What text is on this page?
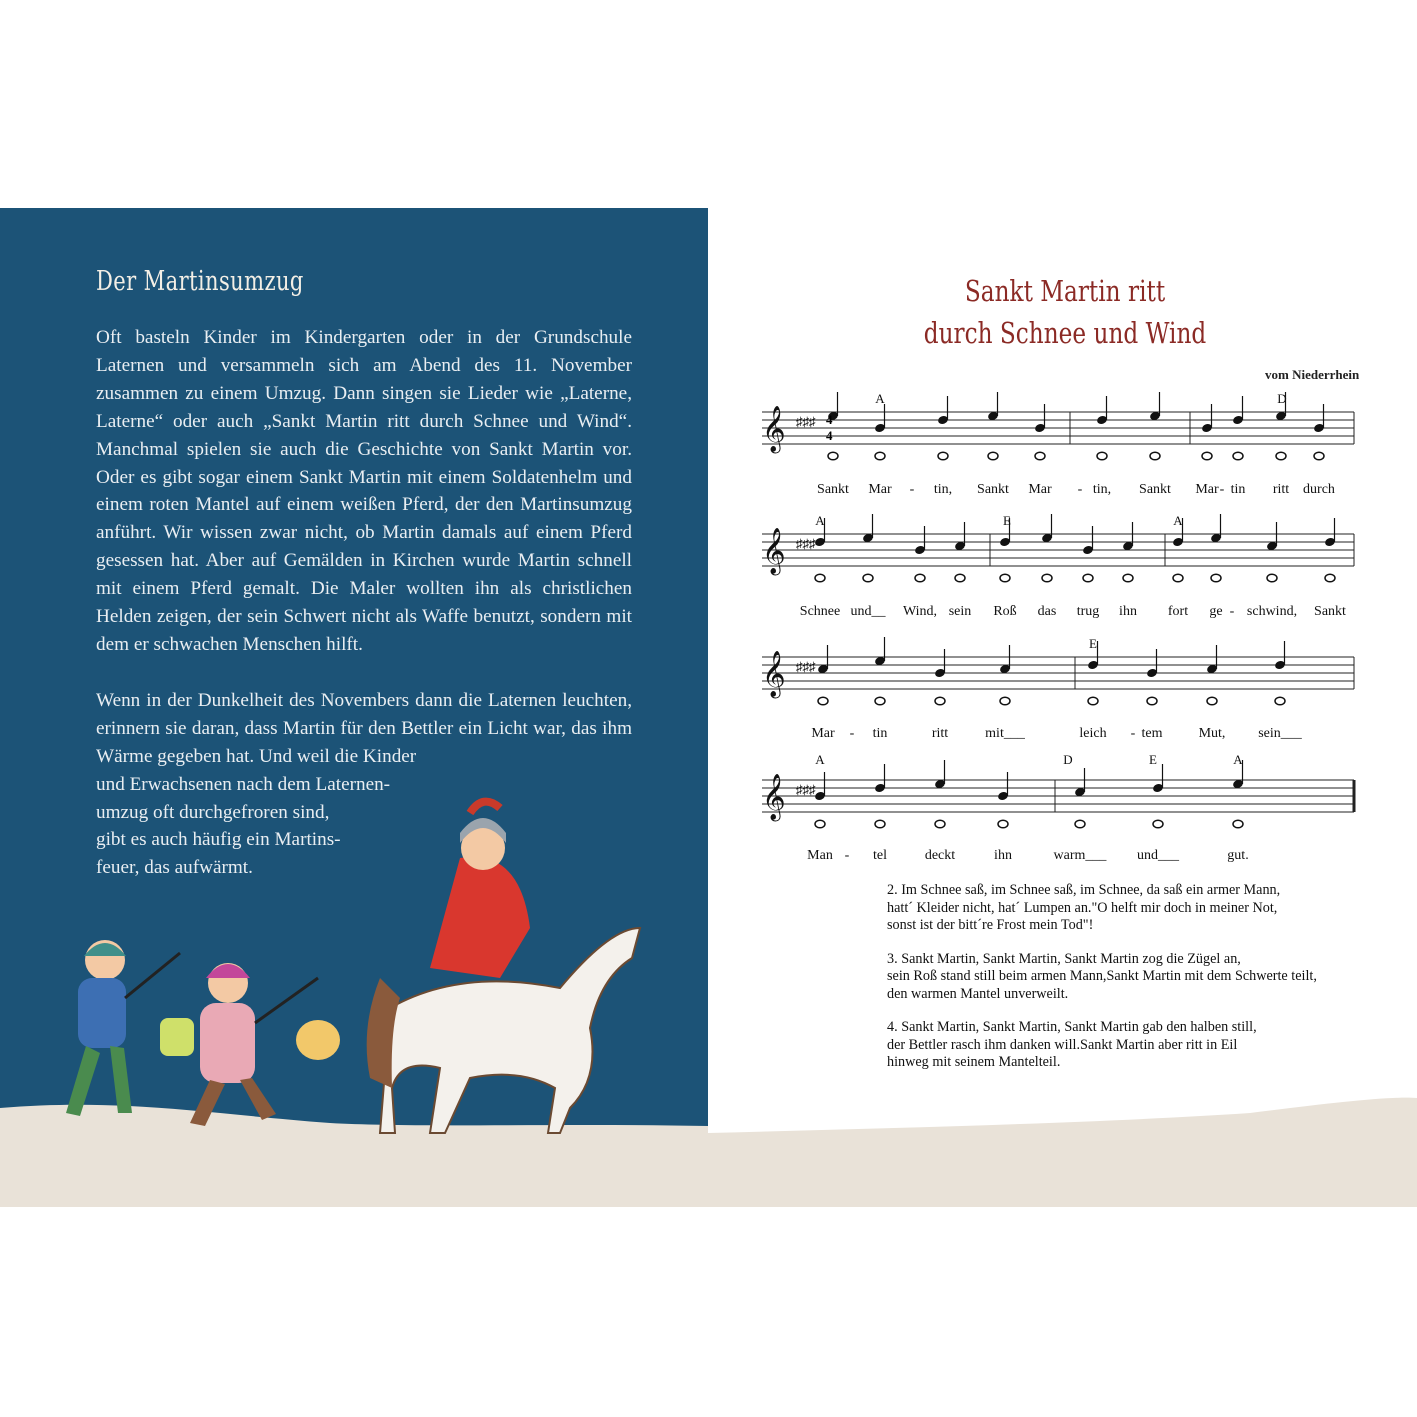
Der Martinsumzug

Oft basteln Kinder im Kindergarten oder in der Grundschule Laternen und versammeln sich am Abend des 11. November zusammen zu einem Umzug. Dann singen sie Lieder wie „Laterne, Laterne“ oder auch „Sankt Martin ritt durch Schnee und Wind“. Manchmal spielen sie auch die Geschichte von Sankt Martin vor. Oder es gibt sogar einem Sankt Martin mit einem Soldatenhelm und einem roten Mantel auf einem weißen Pferd, der den Martinsumzug anführt. Wir wissen zwar nicht, ob Martin damals auf einem Pferd gesessen hat. Aber auf Gemälden in Kirchen wurde Martin schnell mit einem Pferd gemalt. Die Maler wollten ihn als christlichen Helden zeigen, der sein Schwert nicht als Waffe benutzt, sondern mit dem er schwachen Menschen hilft.

Wenn in der Dunkelheit des Novembers dann die Laternen leuchten, erinnern sie daran, dass Martin für den Bettler ein Licht war, das ihm Wärme gegeben hat. Und weil die Kinder

und Erwachsenen nach dem Laternen-
umzug oft durchgefroren sind,
gibt es auch häufig ein Martins-
feuer, das aufwärmt.

Sankt Martin ritt
durch Schnee und Wind
vom Niederrhein
𝄞 ♯♯♯
𝄞 ♯♯♯
𝄞 ♯♯♯
𝄞 ♯♯♯
4
4
A	D
Sankt Mar - tin, Sankt Mar - tin, Sankt Mar - tin ritt durch
A	E	A
Schnee und__ Wind, sein Roß das trug ihn fort ge - schwind, Sankt
E
Mar - tin	ritt	mit___	leich - tem	Mut, sein___
A	D	E	A
Man - tel	deckt	ihn	warm___ und___	gut.

2. Im Schnee saß, im Schnee saß, im Schnee, da saß ein armer Mann,
hatt´ Kleider nicht, hat´ Lumpen an."O helft mir doch in meiner Not,
sonst ist der bitt´re Frost mein Tod"!

3. Sankt Martin, Sankt Martin, Sankt Martin zog die Zügel an,
sein Roß stand still beim armen Mann,Sankt Martin mit dem Schwerte teilt,
den warmen Mantel unverweilt.

4. Sankt Martin, Sankt Martin, Sankt Martin gab den halben still,
der Bettler rasch ihm danken will.Sankt Martin aber ritt in Eil
hinweg mit seinem Mantelteil.
